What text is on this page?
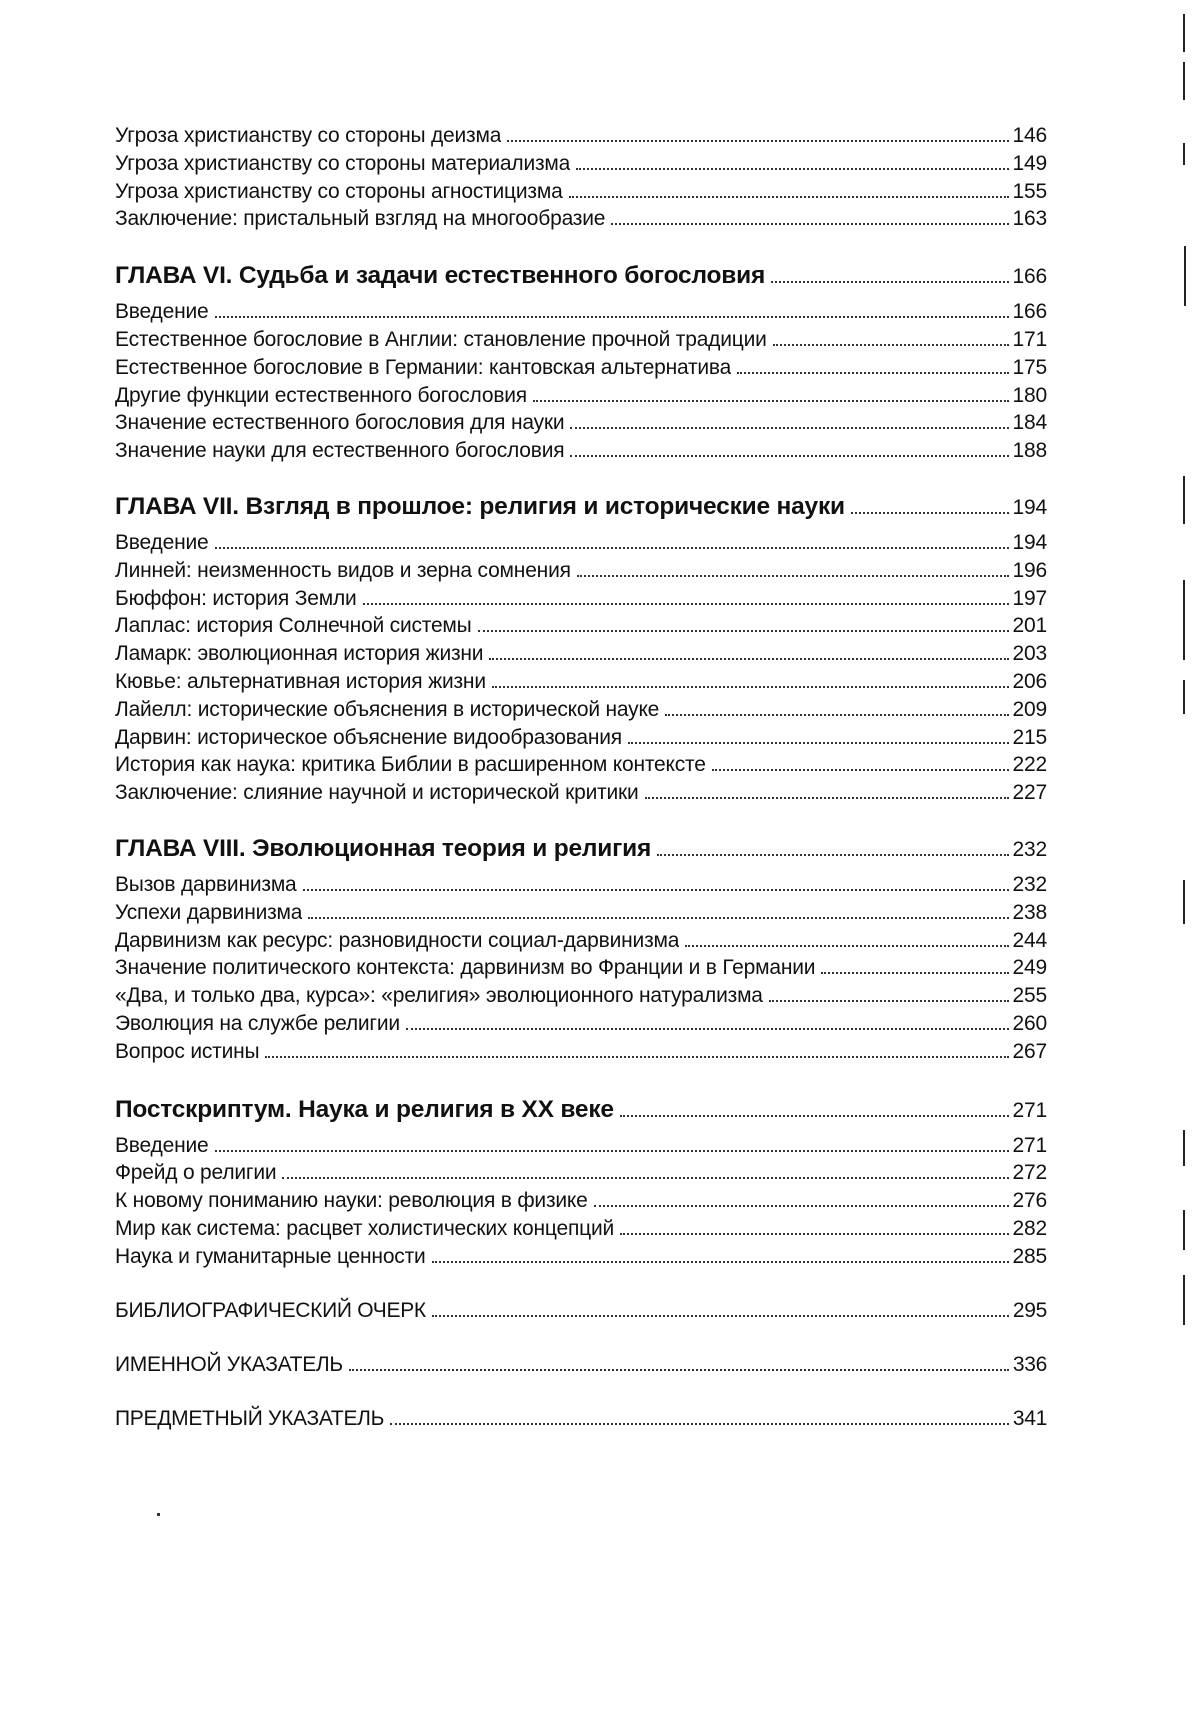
Угроза христианству со стороны деизма	146
Угроза христианству со стороны материализма	149
Угроза христианству со стороны агностицизма	155
Заключение: пристальный взгляд на многообразие	163
ГЛАВА VI. Судьба и задачи естественного богословия	166
Введение	166
Естественное богословие в Англии: становление прочной традиции	171
Естественное богословие в Германии: кантовская альтернатива	175
Другие функции естественного богословия	180
Значение естественного богословия для науки	184
Значение науки для естественного богословия	188
ГЛАВА VII. Взгляд в прошлое: религия и исторические науки	194
Введение	194
Линней: неизменность видов и зерна сомнения	196
Бюффон: история Земли	197
Лаплас: история Солнечной системы	201
Ламарк: эволюционная история жизни	203
Кювье: альтернативная история жизни	206
Лайелл: исторические объяснения в исторической науке	209
Дарвин: историческое объяснение видообразования	215
История как наука: критика Библии в расширенном контексте	222
Заключение: слияние научной и исторической критики	227
ГЛАВА VIII. Эволюционная теория и религия	232
Вызов дарвинизма	232
Успехи дарвинизма	238
Дарвинизм как ресурс: разновидности социал-дарвинизма	244
Значение политического контекста: дарвинизм во Франции и в Германии	249
«Два, и только два, курса»: «религия» эволюционного натурализма	255
Эволюция на службе религии	260
Вопрос истины	267
Постскриптум. Наука и религия в XX веке	271
Введение	271
Фрейд о религии	272
К новому пониманию науки: революция в физике	276
Мир как система: расцвет холистических концепций	282
Наука и гуманитарные ценности	285
БИБЛИОГРАФИЧЕСКИЙ ОЧЕРК	295
ИМЕННОЙ УКАЗАТЕЛЬ	336
ПРЕДМЕТНЫЙ УКАЗАТЕЛЬ	341
